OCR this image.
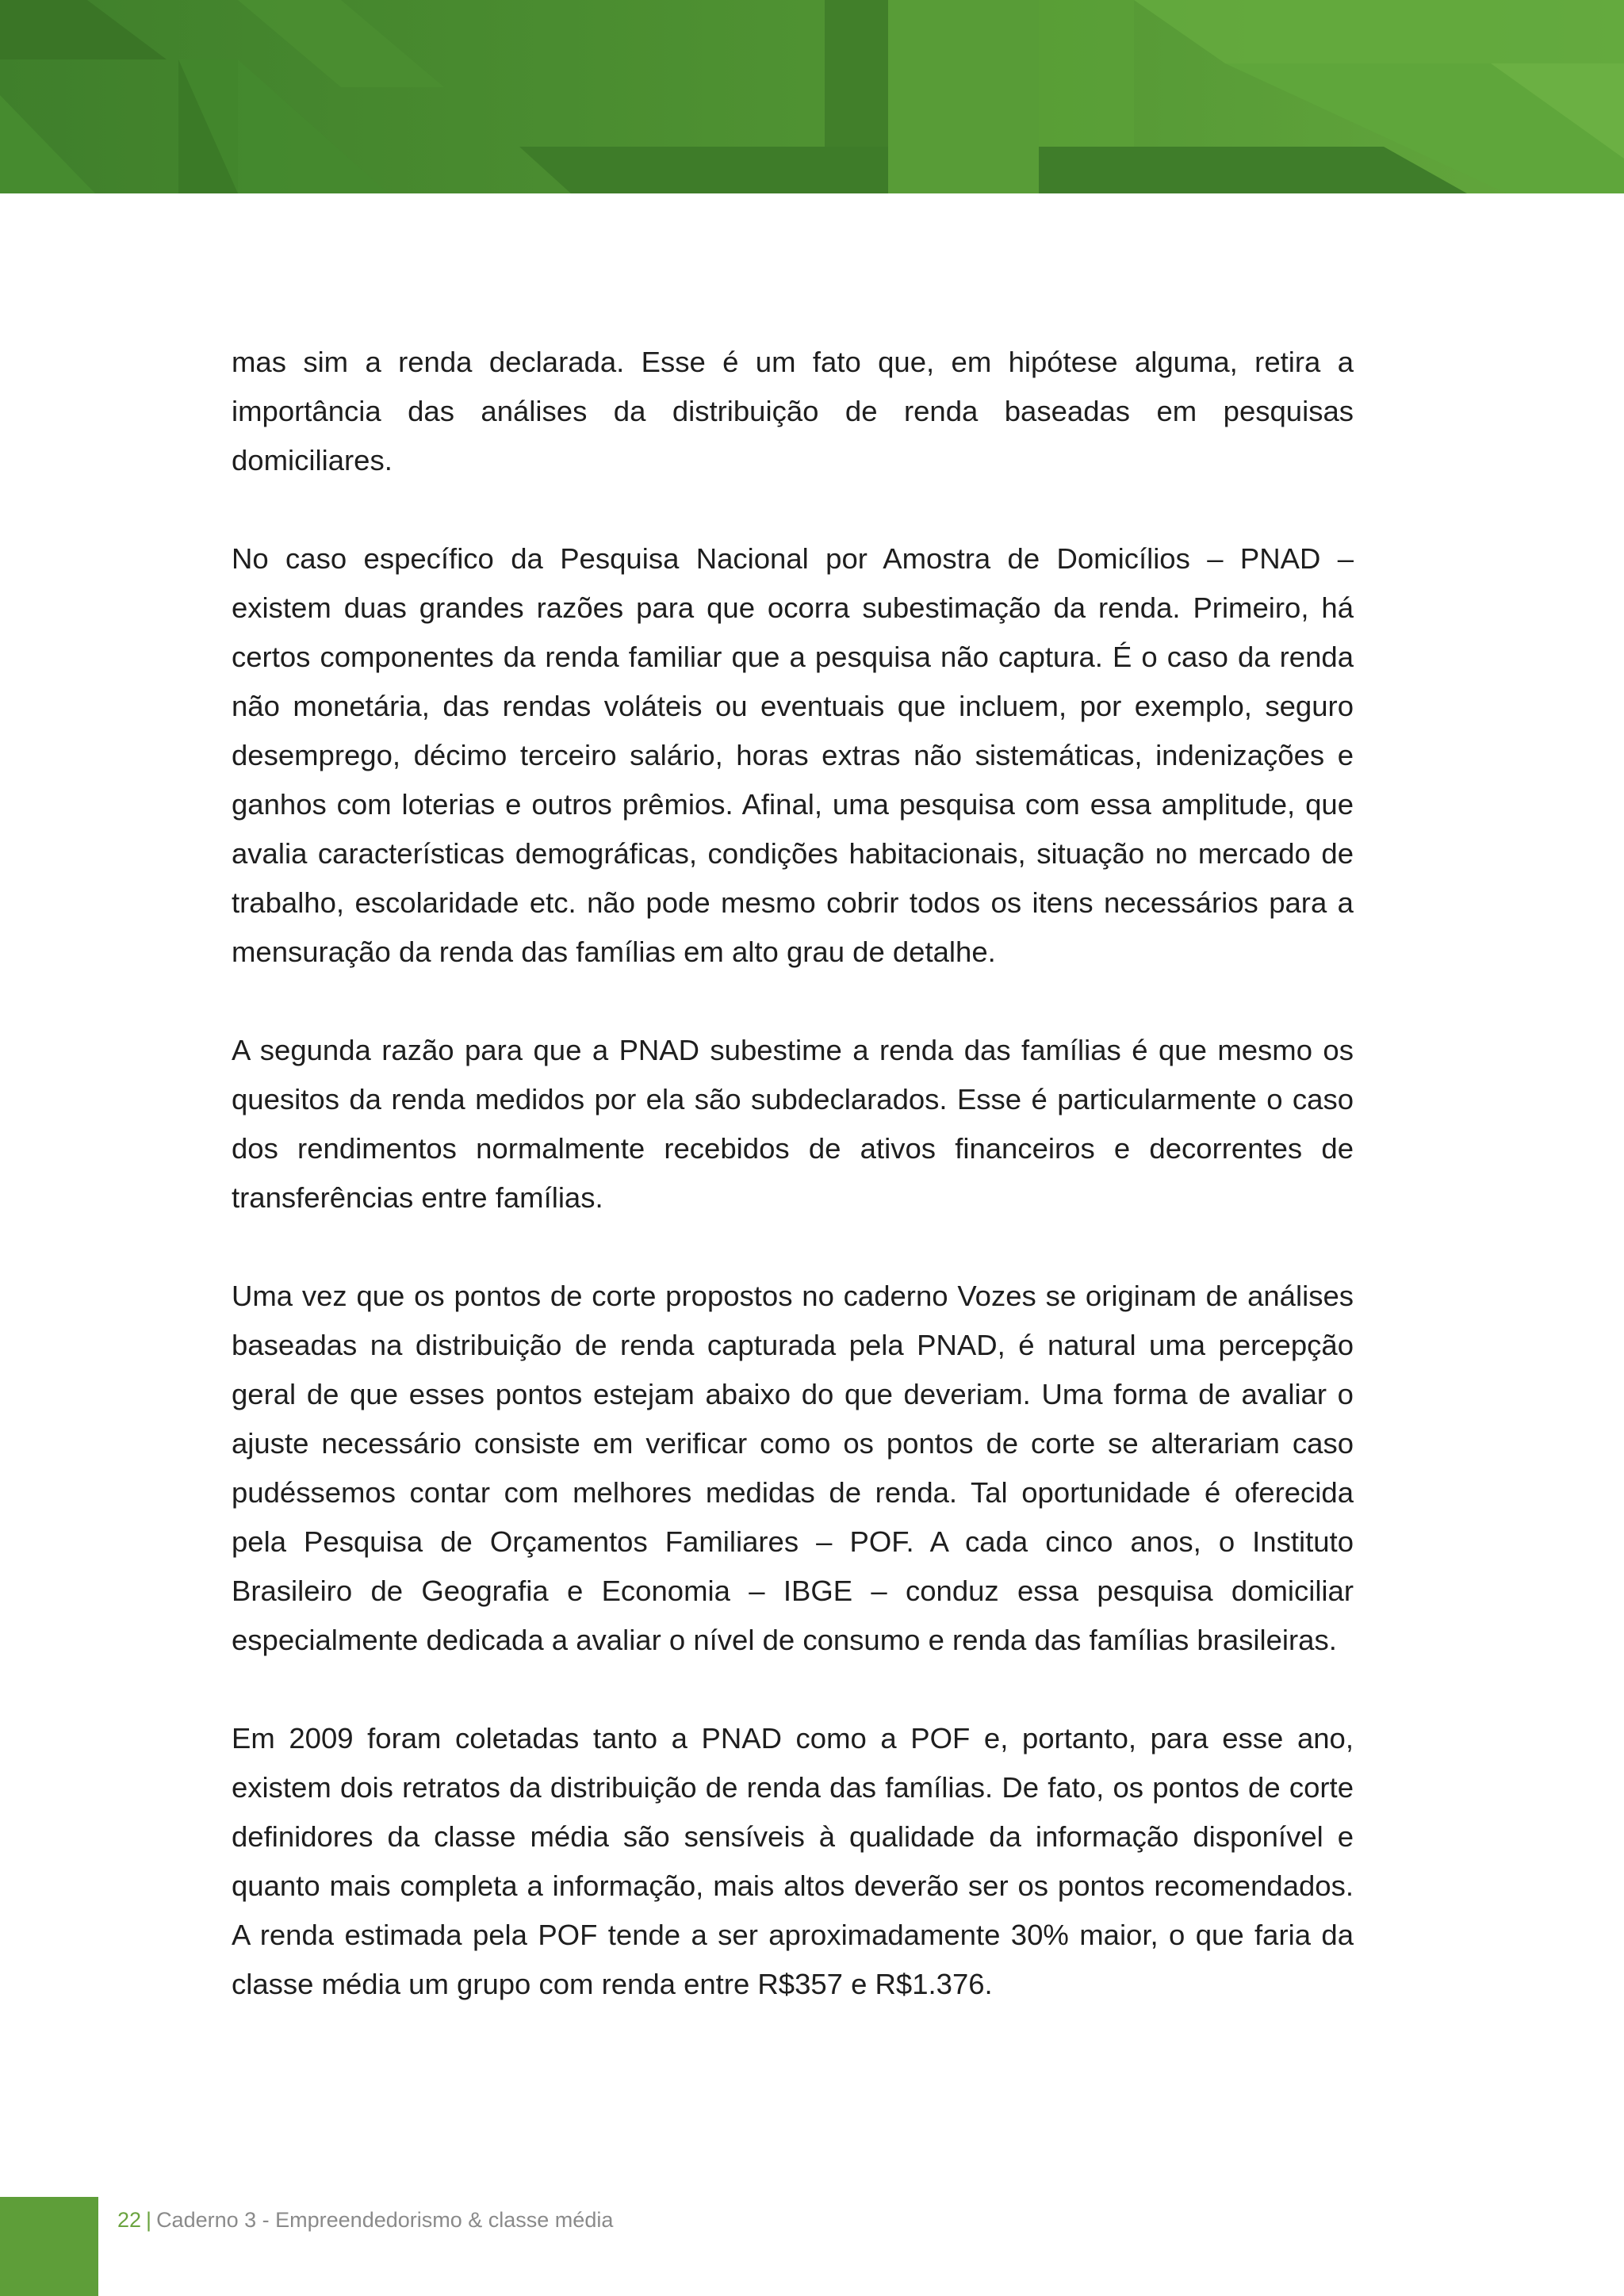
mas sim a renda declarada. Esse é um fato que, em hipótese alguma, retira a importância das análises da distribuição de renda baseadas em pesquisas domiciliares.

No caso específico da Pesquisa Nacional por Amostra de Domicílios – PNAD – existem duas grandes razões para que ocorra subestimação da renda. Primeiro, há certos componentes da renda familiar que a pesquisa não captura. É o caso da renda não monetária, das rendas voláteis ou eventuais que incluem, por exemplo, seguro desemprego, décimo terceiro salário, horas extras não sistemáticas, indenizações e ganhos com loterias e outros prêmios. Afinal, uma pesquisa com essa amplitude, que avalia características demográficas, condições habitacionais, situação no mercado de trabalho, escolaridade etc. não pode mesmo cobrir todos os itens necessários para a mensuração da renda das famílias em alto grau de detalhe.

A segunda razão para que a PNAD subestime a renda das famílias é que mesmo os quesitos da renda medidos por ela são subdeclarados. Esse é particularmente o caso dos rendimentos normalmente recebidos de ativos financeiros e decorrentes de transferências entre famílias.

Uma vez que os pontos de corte propostos no caderno Vozes se originam de análises baseadas na distribuição de renda capturada pela PNAD, é natural uma percepção geral de que esses pontos estejam abaixo do que deveriam. Uma forma de avaliar o ajuste necessário consiste em verificar como os pontos de corte se alterariam caso pudéssemos contar com melhores medidas de renda. Tal oportunidade é oferecida pela Pesquisa de Orçamentos Familiares – POF. A cada cinco anos, o Instituto Brasileiro de Geografia e Economia – IBGE – conduz essa pesquisa domiciliar especialmente dedicada a avaliar o nível de consumo e renda das famílias brasileiras.

Em 2009 foram coletadas tanto a PNAD como a POF e, portanto, para esse ano, existem dois retratos da distribuição de renda das famílias. De fato, os pontos de corte definidores da classe média são sensíveis à qualidade da informação disponível e quanto mais completa a informação, mais altos deverão ser os pontos recomendados. A renda estimada pela POF tende a ser aproximadamente 30% maior, o que faria da classe média um grupo com renda entre R$357 e R$1.376.

22 | Caderno 3 - Empreendedorismo & classe média
